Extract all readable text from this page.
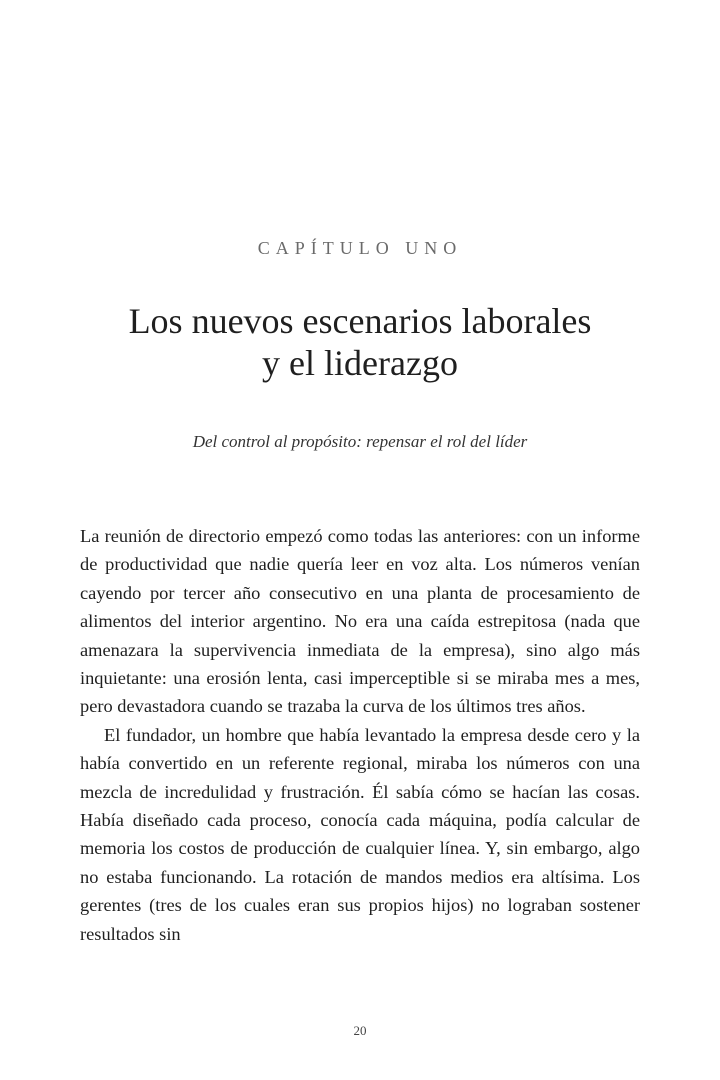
CAPÍTULO UNO
Los nuevos escenarios laborales
y el liderazgo
Del control al propósito: repensar el rol del líder

La reunión de directorio empezó como todas las anteriores: con un informe de productividad que nadie quería leer en voz alta. Los números venían cayendo por tercer año consecutivo en una planta de procesamiento de alimentos del interior argentino. No era una caída estrepitosa (nada que amenazara la supervivencia inmediata de la empresa), sino algo más inquietante: una erosión lenta, casi imperceptible si se miraba mes a mes, pero devastadora cuando se trazaba la curva de los últimos tres años.

El fundador, un hombre que había levantado la empresa desde cero y la había convertido en un referente regional, miraba los números con una mezcla de incredulidad y frustración. Él sabía cómo se hacían las cosas. Había diseñado cada proceso, conocía cada máquina, podía calcular de memoria los costos de producción de cualquier línea. Y, sin embargo, algo no estaba funcionando. La rotación de mandos medios era altísima. Los gerentes (tres de los cuales eran sus propios hijos) no lograban sostener resultados sin

20
